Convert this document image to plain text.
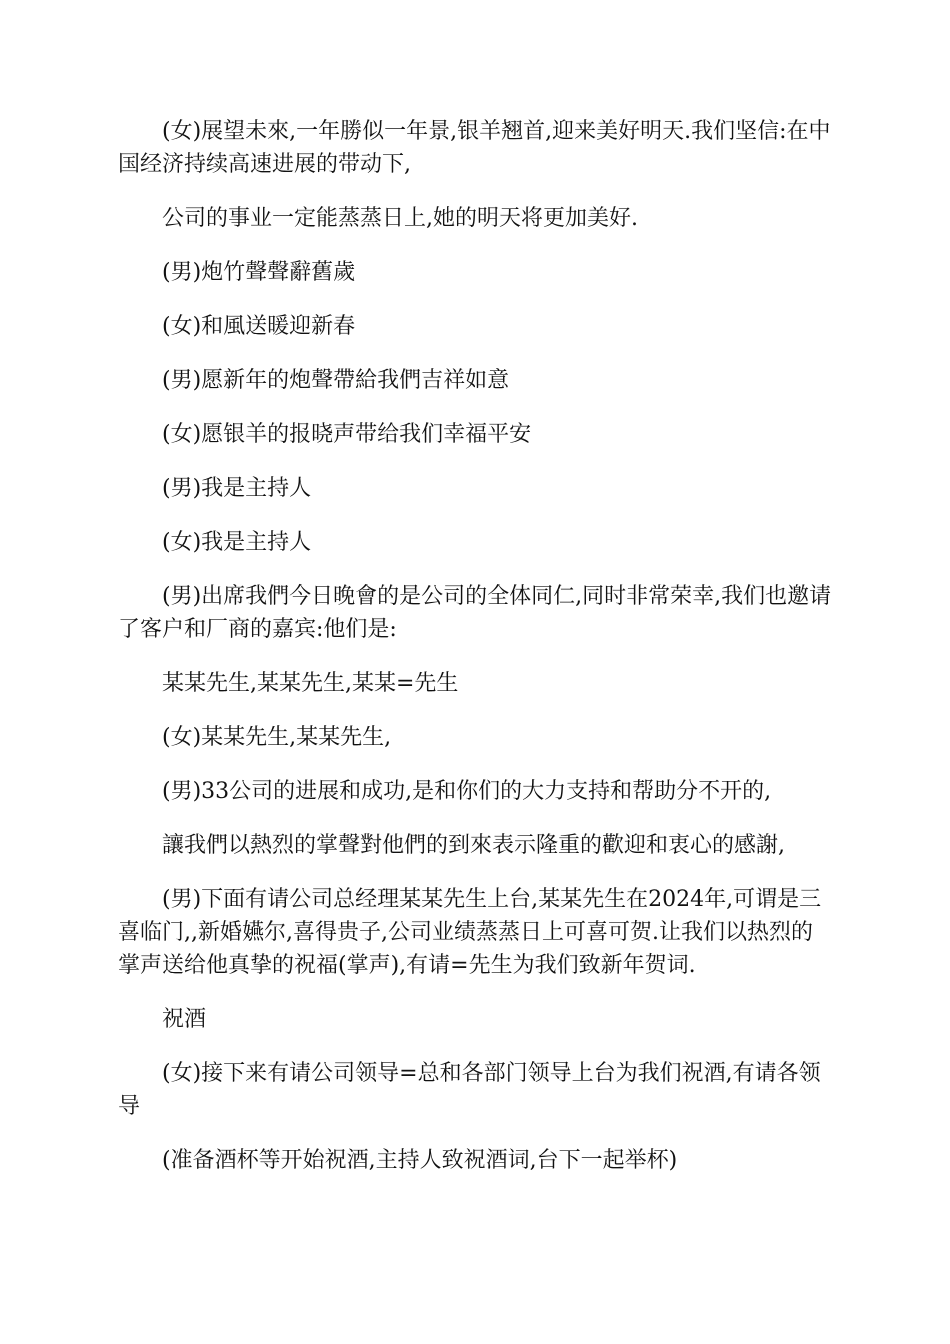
(女)展望未來,一年勝似一年景,银羊翘首,迎来美好明天.我们坚信:在中国经济持续高速进展的带动下,

公司的事业一定能蒸蒸日上,她的明天将更加美好.

(男)炮竹聲聲辭舊歲

(女)和風送暖迎新春

(男)愿新年的炮聲帶給我們吉祥如意

(女)愿银羊的报晓声带给我们幸福平安

(男)我是主持人

(女)我是主持人

(男)出席我們今日晚會的是公司的全体同仁,同时非常荣幸,我们也邀请了客户和厂商的嘉宾:他们是:

某某先生,某某先生,某某=先生

(女)某某先生,某某先生,

(男)33公司的进展和成功,是和你们的大力支持和帮助分不开的,

讓我們以熱烈的掌聲對他們的到來表示隆重的歡迎和衷心的感謝,

(男)下面有请公司总经理某某先生上台,某某先生在2024年,可谓是三喜临门,,新婚嬿尔,喜得贵子,公司业绩蒸蒸日上可喜可贺.让我们以热烈的掌声送给他真挚的祝福(掌声),有请=先生为我们致新年贺词.

祝酒

(女)接下来有请公司领导=总和各部门领导上台为我们祝酒,有请各领导

(准备酒杯等开始祝酒,主持人致祝酒词,台下一起举杯)
